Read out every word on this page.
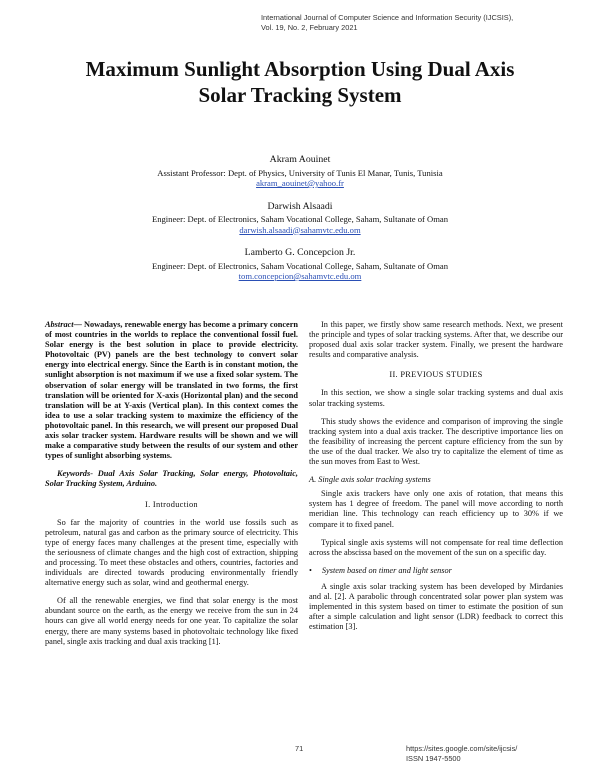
International Journal of Computer Science and Information Security (IJCSIS),
Vol. 19, No. 2, February 2021
Maximum Sunlight Absorption Using Dual Axis
Solar Tracking System
Akram Aouinet
Assistant Professor: Dept. of Physics, University of Tunis El Manar, Tunis, Tunisia
akram_aouinet@yahoo.fr
Darwish Alsaadi
Engineer: Dept. of Electronics, Saham Vocational College, Saham, Sultanate of Oman
darwish.alsaadi@sahamvtc.edu.om
Lamberto G. Concepcion Jr.
Engineer: Dept. of Electronics, Saham Vocational College, Saham, Sultanate of Oman
tom.concepcion@sahamvtc.edu.om

Abstract— Nowadays, renewable energy has become a primary concern of most countries in the worlds to replace the conventional fossil fuel. Solar energy is the best solution in place to provide electricity. Photovoltaic (PV) panels are the best technology to convert solar energy into electrical energy. Since the Earth is in constant motion, the sunlight absorption is not maximum if we use a fixed solar system. The observation of solar energy will be translated in two forms, the first translation will be oriented for X-axis (Horizontal plan) and the second translation will be at Y-axis (Vertical plan). In this context comes the idea to use a solar tracking system to maximize the efficiency of the photovoltaic panel. In this research, we will present our proposed Dual axis solar tracker system. Hardware results will be shown and we will make a comparative study between the results of our system and other types of sunlight absorbing systems.

Keywords- Dual Axis Solar Tracking, Solar energy, Photovoltaic, Solar Tracking System, Arduino.

I. Introduction

So far the majority of countries in the world use fossils such as petroleum, natural gas and carbon as the primary source of electricity. This type of energy faces many challenges at the present time, especially with the seriousness of climate changes and the high cost of extraction, shipping and processing. To meet these obstacles and others, countries, factories and individuals are directed towards producing environmentally friendly alternative energy such as solar, wind and geothermal energy.

Of all the renewable energies, we find that solar energy is the most abundant source on the earth, as the energy we receive from the sun in 24 hours can give all world energy needs for one year. To capitalize the solar energy, there are many systems based in photovoltaic technology like fixed panel, single axis tracking and dual axis tracking [1].

In this paper, we firstly show same research methods. Next, we present the principle and types of solar tracking systems. After that, we describe our proposed dual axis solar tracker system. Finally, we present the hardware results and comparative analysis.

II. PREVIOUS STUDIES

In this section, we show a single solar tracking systems and dual axis solar tracking systems.

This study shows the evidence and comparison of improving the single tracking system into a dual axis tracker. The descriptive importance lies on the feasibility of increasing the percent capture efficiency from the sun by the use of the dual tracker. We also try to capitalize the element of time as the sun moves from East to West.

A. Single axis solar tracking systems

Single axis trackers have only one axis of rotation, that means this system has 1 degree of freedom. The panel will move according to north meridian line. This technology can reach efficiency up to 30% if we compare it to fixed panel.

Typical single axis systems will not compensate for real time deflection across the abscissa based on the movement of the sun on a specific day.

• System based on timer and light sensor

A single axis solar tracking system has been developed by Mirdanies and al. [2]. A parabolic through concentrated solar power plan system was implemented in this system based on timer to estimate the position of sun after a simple calculation and light sensor (LDR) feedback to correct this estimation [3].

71	https://sites.google.com/site/ijcsis/
ISSN 1947-5500
